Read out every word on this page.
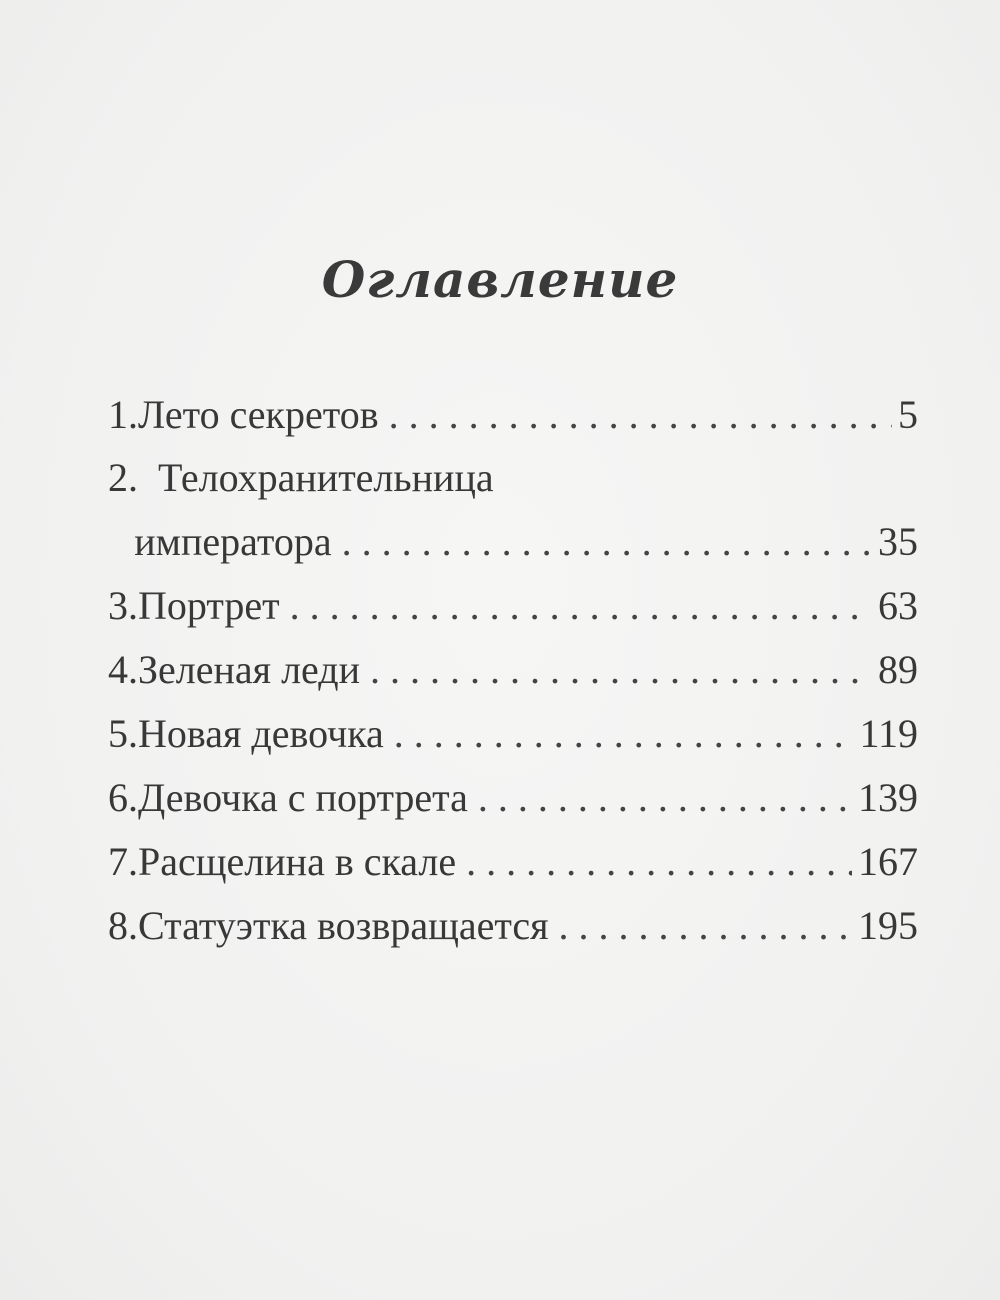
Оглавление
1. Лето секретов . . .	5
2. Телохранительница
императора . . .	35
3. Портрет . . .	63
4. Зеленая леди . . .	89
5. Новая девочка . . .	119
6. Девочка с портрета . . .	139
7. Расщелина в скале . . .	167
8. Статуэтка возвращается . . .	195
